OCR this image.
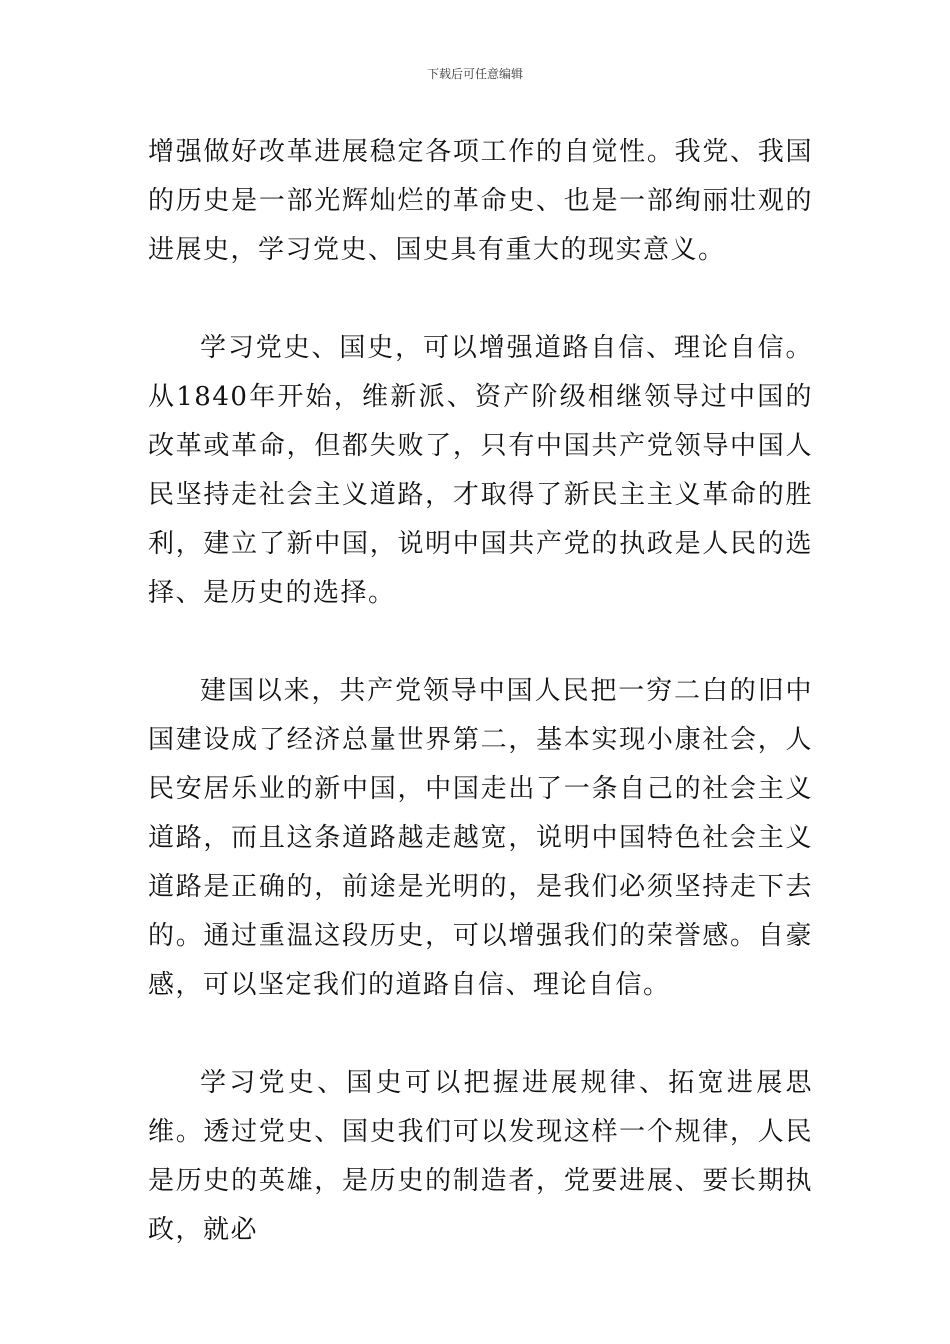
下载后可任意编辑

增强做好改革进展稳定各项工作的自觉性。我党、我国的历史是一部光辉灿烂的革命史、也是一部绚丽壮观的进展史，学习党史、国史具有重大的现实意义。

学习党史、国史，可以增强道路自信、理论自信。从1840年开始，维新派、资产阶级相继领导过中国的改革或革命，但都失败了，只有中国共产党领导中国人民坚持走社会主义道路，才取得了新民主主义革命的胜利，建立了新中国，说明中国共产党的执政是人民的选择、是历史的选择。

建国以来，共产党领导中国人民把一穷二白的旧中国建设成了经济总量世界第二，基本实现小康社会，人民安居乐业的新中国，中国走出了一条自己的社会主义道路，而且这条道路越走越宽，说明中国特色社会主义道路是正确的，前途是光明的，是我们必须坚持走下去的。通过重温这段历史，可以增强我们的荣誉感。自豪感，可以坚定我们的道路自信、理论自信。

学习党史、国史可以把握进展规律、拓宽进展思维。透过党史、国史我们可以发现这样一个规律，人民是历史的英雄，是历史的制造者，党要进展、要长期执政，就必
